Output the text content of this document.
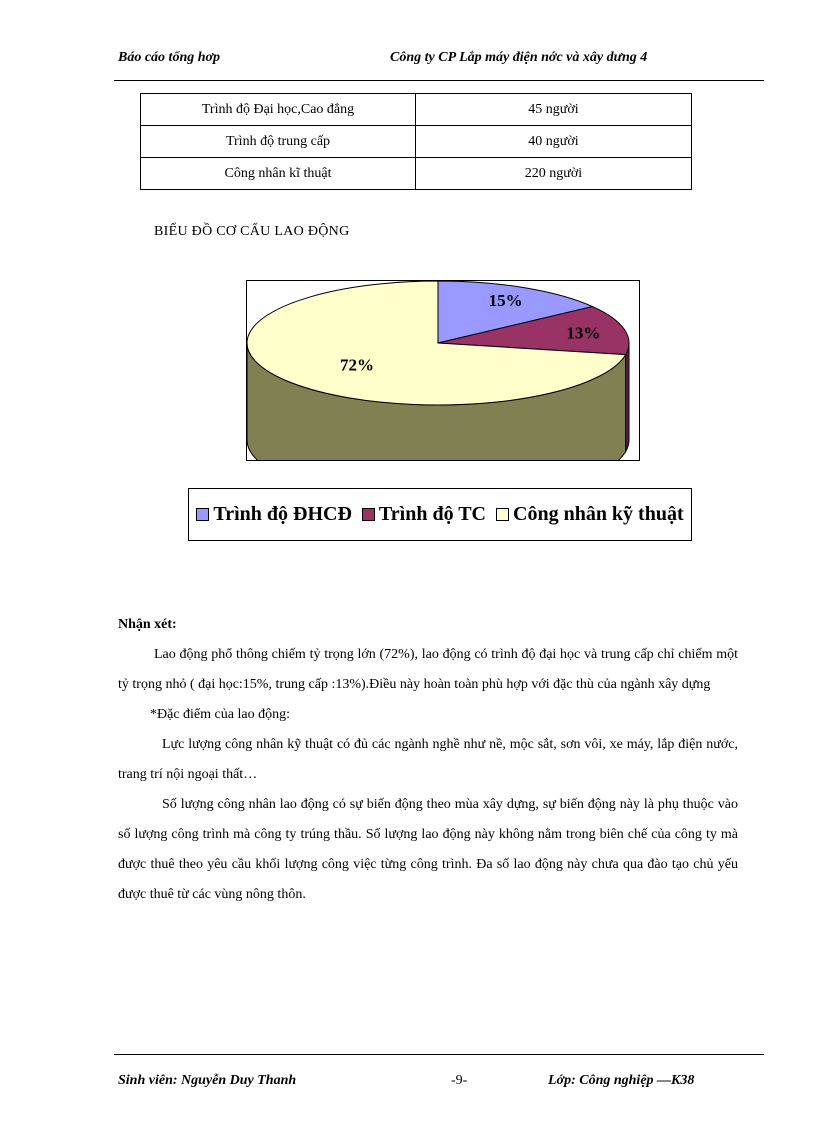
Báo cáo tổng hơp	Công ty CP Lắp máy điện nớc và xây dưng 4
Trình độ Đại học,Cao đẳng	45 người
Trình độ trung cấp	40 người
Công nhân kĩ thuật	220 người
BIỂU ĐỒ CƠ CẤU LAO ĐỘNG
15%
13%
72%
Trình độ ĐHCĐ Trình độ TC Công nhân kỹ thuật

Nhận xét:

Lao động phổ thông chiếm tỷ trọng lớn (72%), lao động có trình độ đại học và trung cấp chỉ chiếm một tỷ trọng nhỏ ( đại học:15%, trung cấp :13%).Điều này hoàn toàn phù hợp với đặc thù của ngành xây dựng

*Đặc điểm của lao động:

Lực lượng công nhân kỹ thuật có đủ các ngành nghề như nề, mộc sắt, sơn vôi, xe máy, lắp điện nước, trang trí nội ngoại thất…

Số lượng công nhân lao động có sự biến động theo mùa xây dựng, sự biến động này là phụ thuộc vào số lượng công trình mà công ty trúng thầu. Số lượng lao động này không nằm trong biên chế của công ty mà được thuê theo yêu cầu khối lượng công việc từng công trình. Đa số lao động này chưa qua đào tạo chủ yếu được thuê từ các vùng nông thôn.

Sinh viên: Nguyễn Duy Thanh	-9-	Lớp: Công nghiệp —K38
